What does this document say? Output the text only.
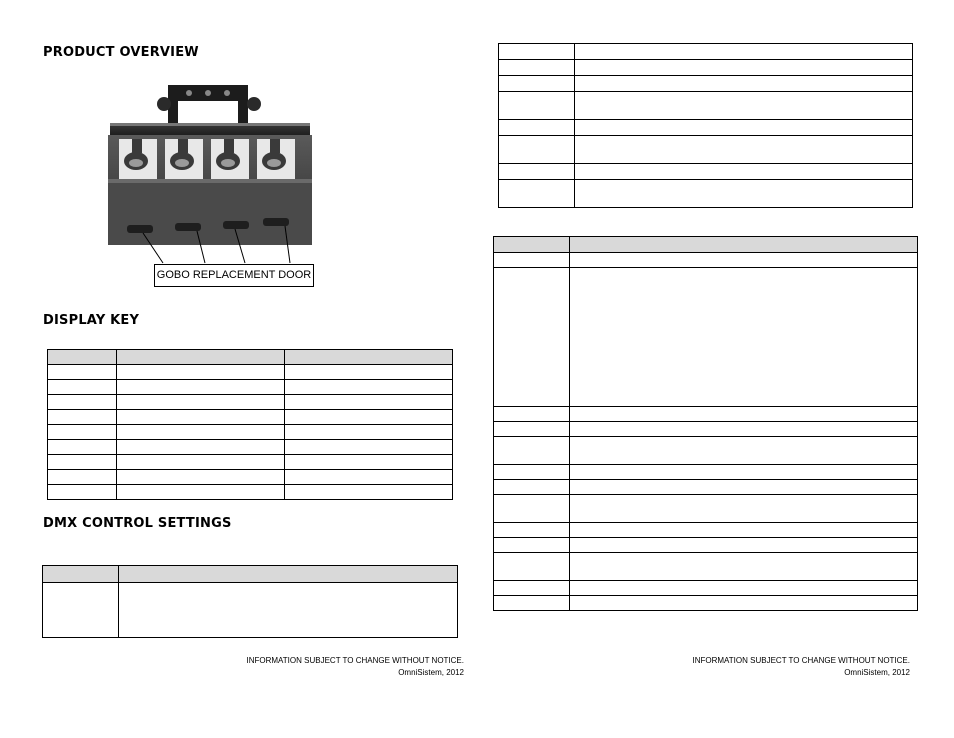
PRODUCT OVERVIEW
GOBO REPLACEMENT DOOR
DISPLAY KEY

DMX CONTROL SETTINGS

INFORMATION SUBJECT TO CHANGE WITHOUT NOTICE.
OmniSistem, 2012

INFORMATION SUBJECT TO CHANGE WITHOUT NOTICE.
OmniSistem, 2012
